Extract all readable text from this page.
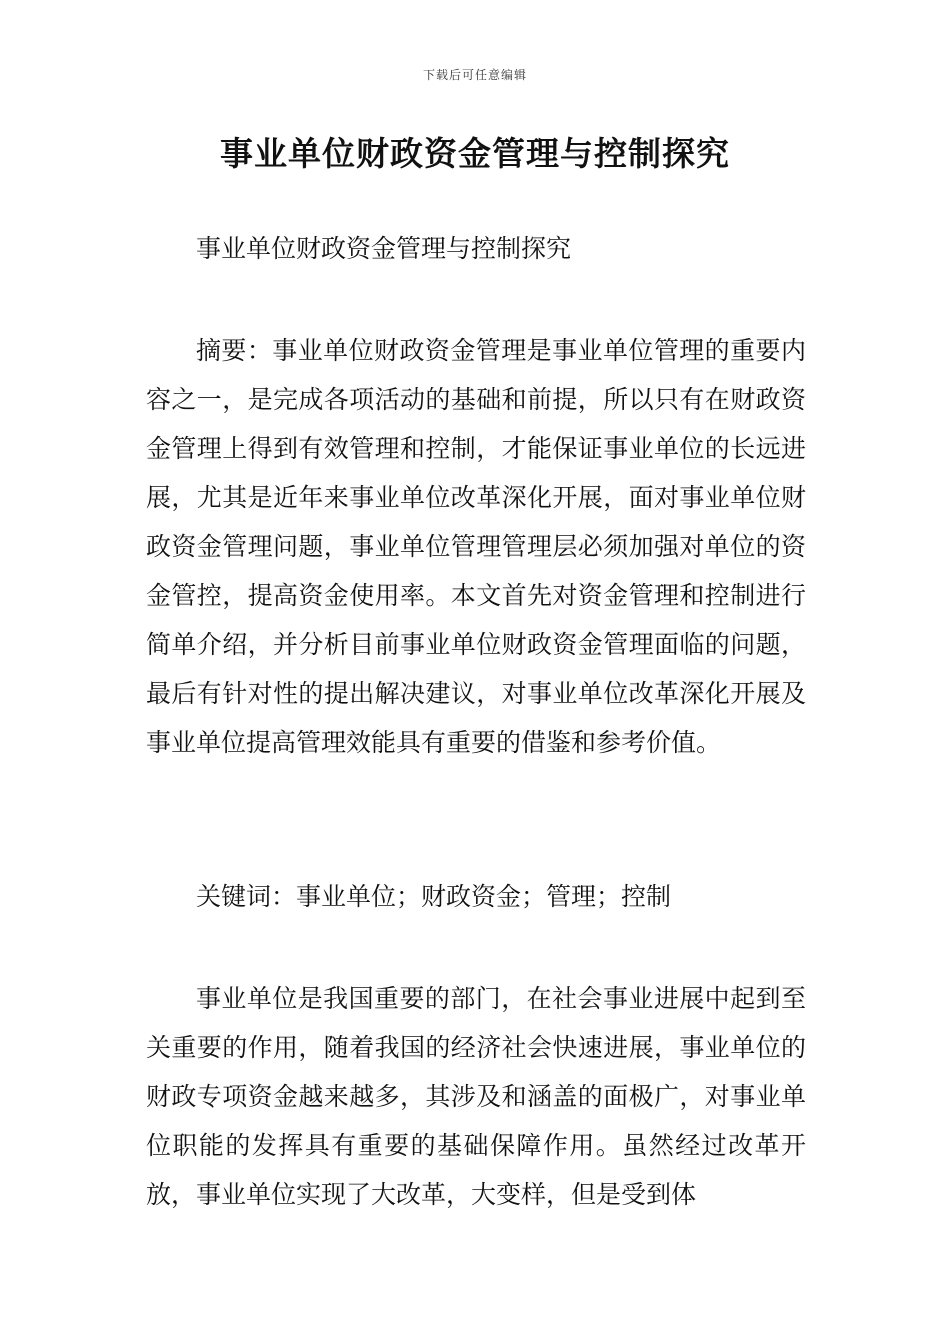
下载后可任意编辑
事业单位财政资金管理与控制探究

事业单位财政资金管理与控制探究

摘要：事业单位财政资金管理是事业单位管理的重要内容之一，是完成各项活动的基础和前提，所以只有在财政资金管理上得到有效管理和控制，才能保证事业单位的长远进展，尤其是近年来事业单位改革深化开展，面对事业单位财政资金管理问题，事业单位管理管理层必须加强对单位的资金管控，提高资金使用率。本文首先对资金管理和控制进行简单介绍，并分析目前事业单位财政资金管理面临的问题，最后有针对性的提出解决建议，对事业单位改革深化开展及事业单位提高管理效能具有重要的借鉴和参考价值。

关键词：事业单位；财政资金；管理；控制

事业单位是我国重要的部门，在社会事业进展中起到至关重要的作用，随着我国的经济社会快速进展，事业单位的财政专项资金越来越多，其涉及和涵盖的面极广，对事业单位职能的发挥具有重要的基础保障作用。虽然经过改革开放，事业单位实现了大改革，大变样，但是受到体
